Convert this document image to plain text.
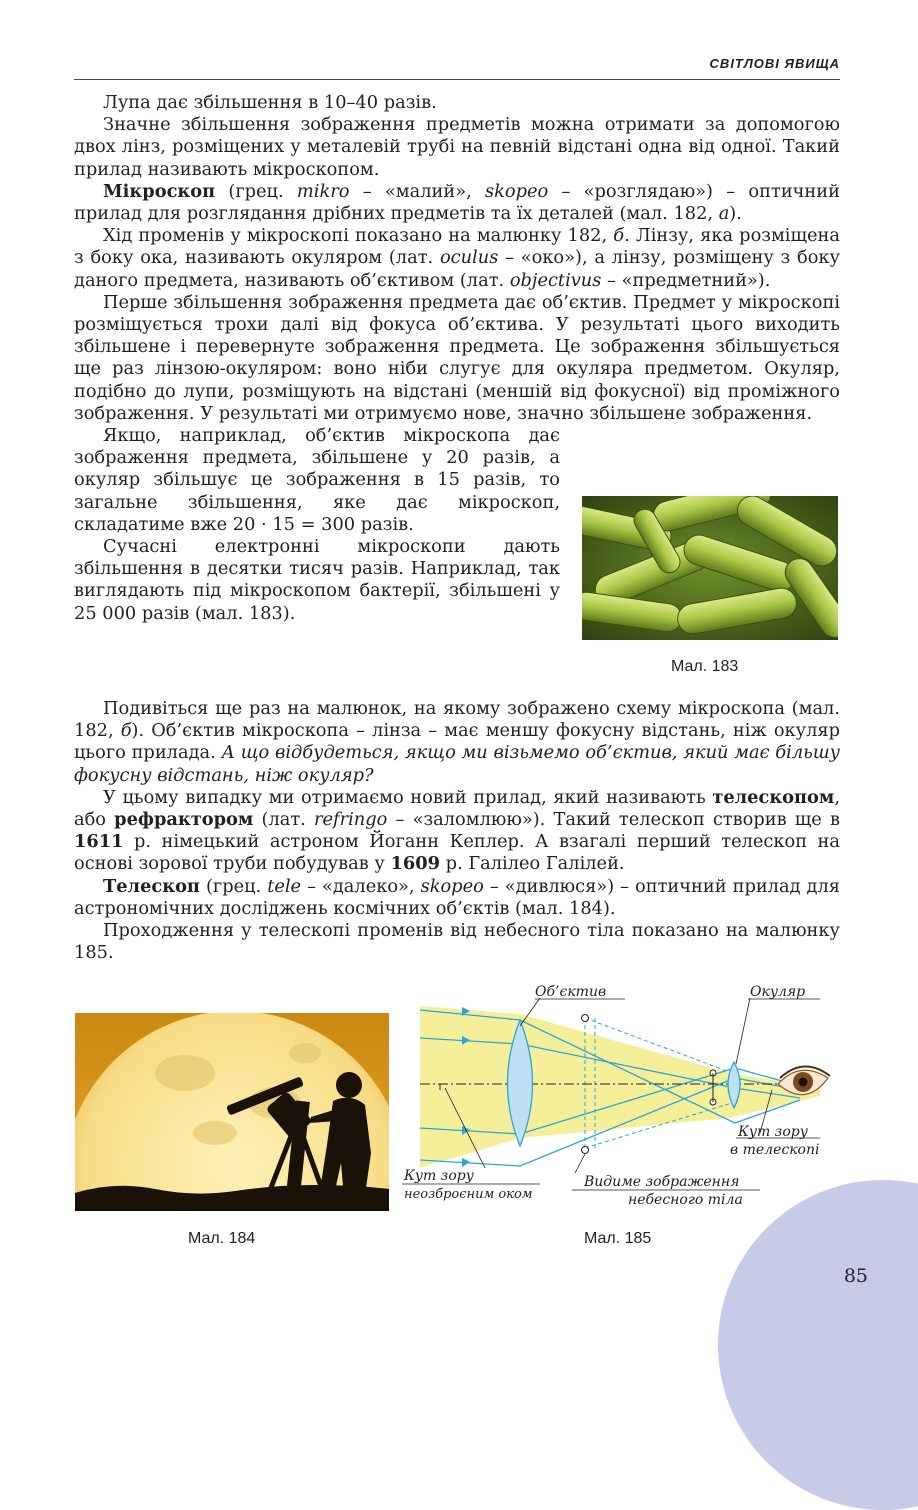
СВІТЛОВІ ЯВИЩА

Лупа дає збільшення в 10–40 разів.

Значне збільшення зображення предметів можна отримати за допомогою двох лінз, розміщених у металевій трубі на певній відстані одна від одної. Такий прилад називають мікроскопом.

Мікроскоп (грец. mikro – «малий», skopeo – «розглядаю») – оптичний прилад для розглядання дрібних предметів та їх деталей (мал. 182, а).

Хід променів у мікроскопі показано на малюнку 182, б. Лінзу, яка розміщена з боку ока, називають окуляром (лат. oculus – «око»), а лінзу, розміщену з боку даного предмета, називають об’єктивом (лат. objectivus – «предметний»).

Перше збільшення зображення предмета дає об’єктив. Предмет у мікроскопі розміщується трохи далі від фокуса об’єктива. У результаті цього виходить збільшене і перевернуте зображення предмета. Це зображення збільшується ще раз лінзою-окуляром: воно ніби слугує для окуляра предметом. Окуляр, подібно до лупи, розміщують на відстані (меншій від фокусної) від проміжного зображення. У результаті ми отримуємо нове, значно збільшене зображення.

Якщо, наприклад, об’єктив мікроскопа дає зображення предмета, збільшене у 20 разів, а окуляр збільшує це зображення в 15 разів, то загальне збільшення, яке дає мікроскоп, складатиме вже 20 · 15 = 300 разів.

Сучасні електронні мікроскопи дають збільшення в десятки тисяч разів. Наприклад, так виглядають під мікроскопом бактерії, збільшені у 25 000 разів (мал. 183).

Мал. 183

Подивіться ще раз на малюнок, на якому зображено схему мікроскопа (мал. 182, б). Об’єктив мікроскопа – лінза – має меншу фокусну відстань, ніж окуляр цього прилада. А що відбудеться, якщо ми візьмемо об’єктив, який має більшу фокусну відстань, ніж окуляр?

У цьому випадку ми отримаємо новий прилад, який називають телескопом, або рефрактором (лат. refringo – «заломлюю»). Такий телескоп створив ще в 1611 р. німецький астроном Йоганн Кеплер. А взагалі перший телескоп на основі зорової труби побудував у 1609 р. Галілео Галілей.

Телескоп (грец. tele – «далеко», skopeo – «дивлюся») – оптичний прилад для астрономічних досліджень космічних об’єктів (мал. 184).

Проходження у телескопі променів від небесного тіла показано на малюнку 185.

Мал. 184
Об’єктив	Окуляр
Кут зору
в телескопі
Кут зору
неозброєним оком
Видиме зображення
небесного тіла
Мал. 185
85
